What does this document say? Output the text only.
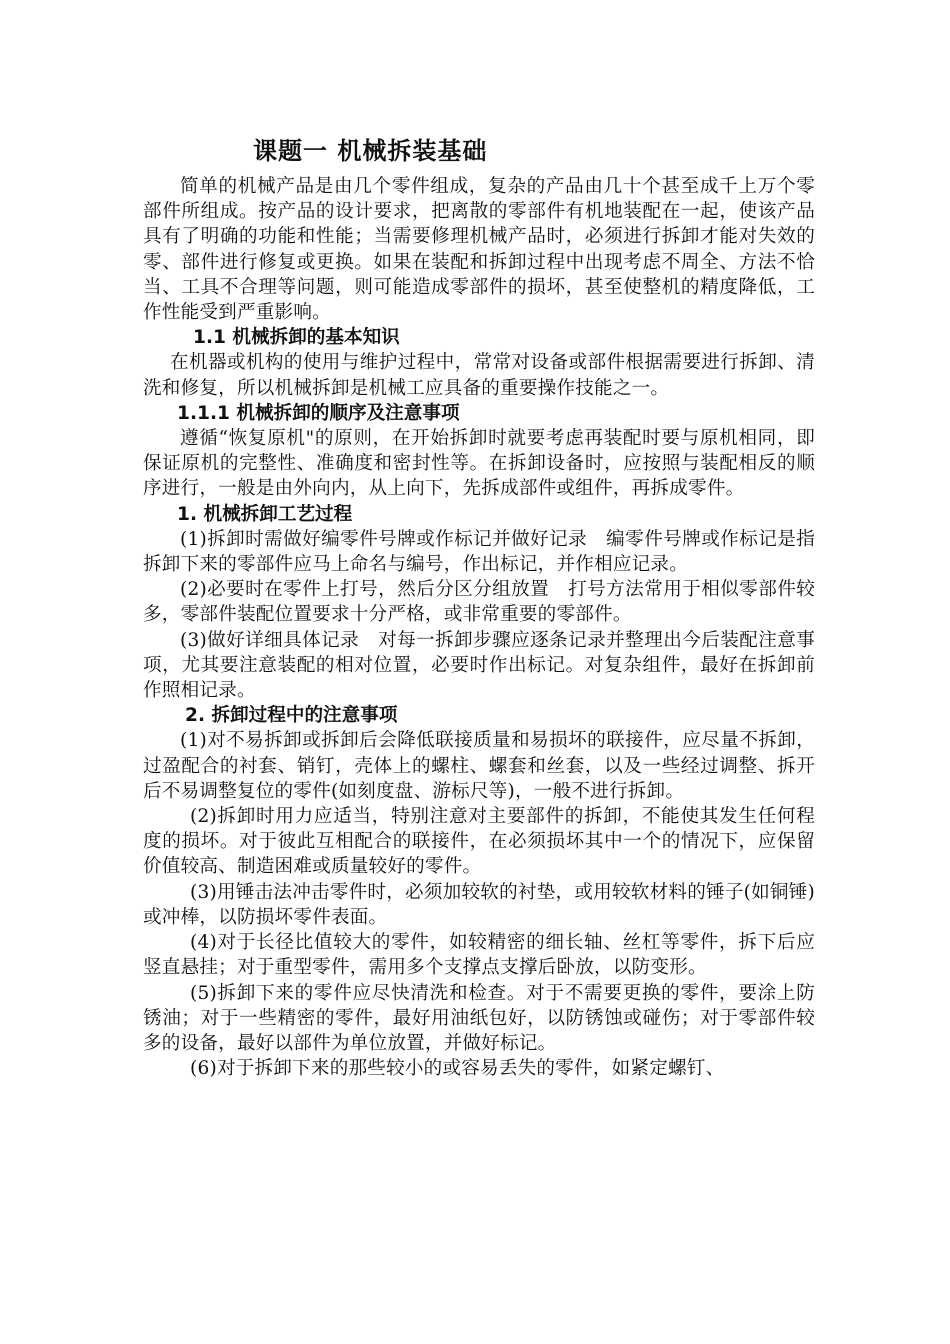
课题一 机械拆装基础

简单的机械产品是由几个零件组成，复杂的产品由几十个甚至成千上万个零部件所组成。按产品的设计要求，把离散的零部件有机地装配在一起，使该产品具有了明确的功能和性能；当需要修理机械产品时，必须进行拆卸才能对失效的零、部件进行修复或更换。如果在装配和拆卸过程中出现考虑不周全、方法不恰当、工具不合理等问题，则可能造成零部件的损坏，甚至使整机的精度降低，工作性能受到严重影响。

1.1 机械拆卸的基本知识

在机器或机构的使用与维护过程中，常常对设备或部件根据需要进行拆卸、清洗和修复，所以机械拆卸是机械工应具备的重要操作技能之一。

1.1.1 机械拆卸的顺序及注意事项

遵循“恢复原机"的原则，在开始拆卸时就要考虑再装配时要与原机相同，即保证原机的完整性、准确度和密封性等。在拆卸设备时，应按照与装配相反的顺序进行，一般是由外向内，从上向下，先拆成部件或组件，再拆成零件。

1. 机械拆卸工艺过程

(1)拆卸时需做好编零件号牌或作标记并做好记录　编零件号牌或作标记是指拆卸下来的零部件应马上命名与编号，作出标记，并作相应记录。

(2)必要时在零件上打号，然后分区分组放置　打号方法常用于相似零部件较多，零部件装配位置要求十分严格，或非常重要的零部件。

(3)做好详细具体记录　对每一拆卸步骤应逐条记录并整理出今后装配注意事项，尤其要注意装配的相对位置，必要时作出标记。对复杂组件，最好在拆卸前作照相记录。

2. 拆卸过程中的注意事项

(1)对不易拆卸或拆卸后会降低联接质量和易损坏的联接件，应尽量不拆卸，过盈配合的衬套、销钉，壳体上的螺柱、螺套和丝套，以及一些经过调整、拆开后不易调整复位的零件(如刻度盘、游标尺等)，一般不进行拆卸。

(2)拆卸时用力应适当，特别注意对主要部件的拆卸，不能使其发生任何程度的损坏。对于彼此互相配合的联接件，在必须损坏其中一个的情况下，应保留价值较高、制造困难或质量较好的零件。

(3)用锤击法冲击零件时，必须加较软的衬垫，或用较软材料的锤子(如铜锤)或冲棒，以防损坏零件表面。

(4)对于长径比值较大的零件，如较精密的细长轴、丝杠等零件，拆下后应竖直悬挂；对于重型零件，需用多个支撑点支撑后卧放，以防变形。

(5)拆卸下来的零件应尽快清洗和检查。对于不需要更换的零件，要涂上防锈油；对于一些精密的零件，最好用油纸包好，以防锈蚀或碰伤；对于零部件较多的设备，最好以部件为单位放置，并做好标记。

(6)对于拆卸下来的那些较小的或容易丢失的零件，如紧定螺钉、
